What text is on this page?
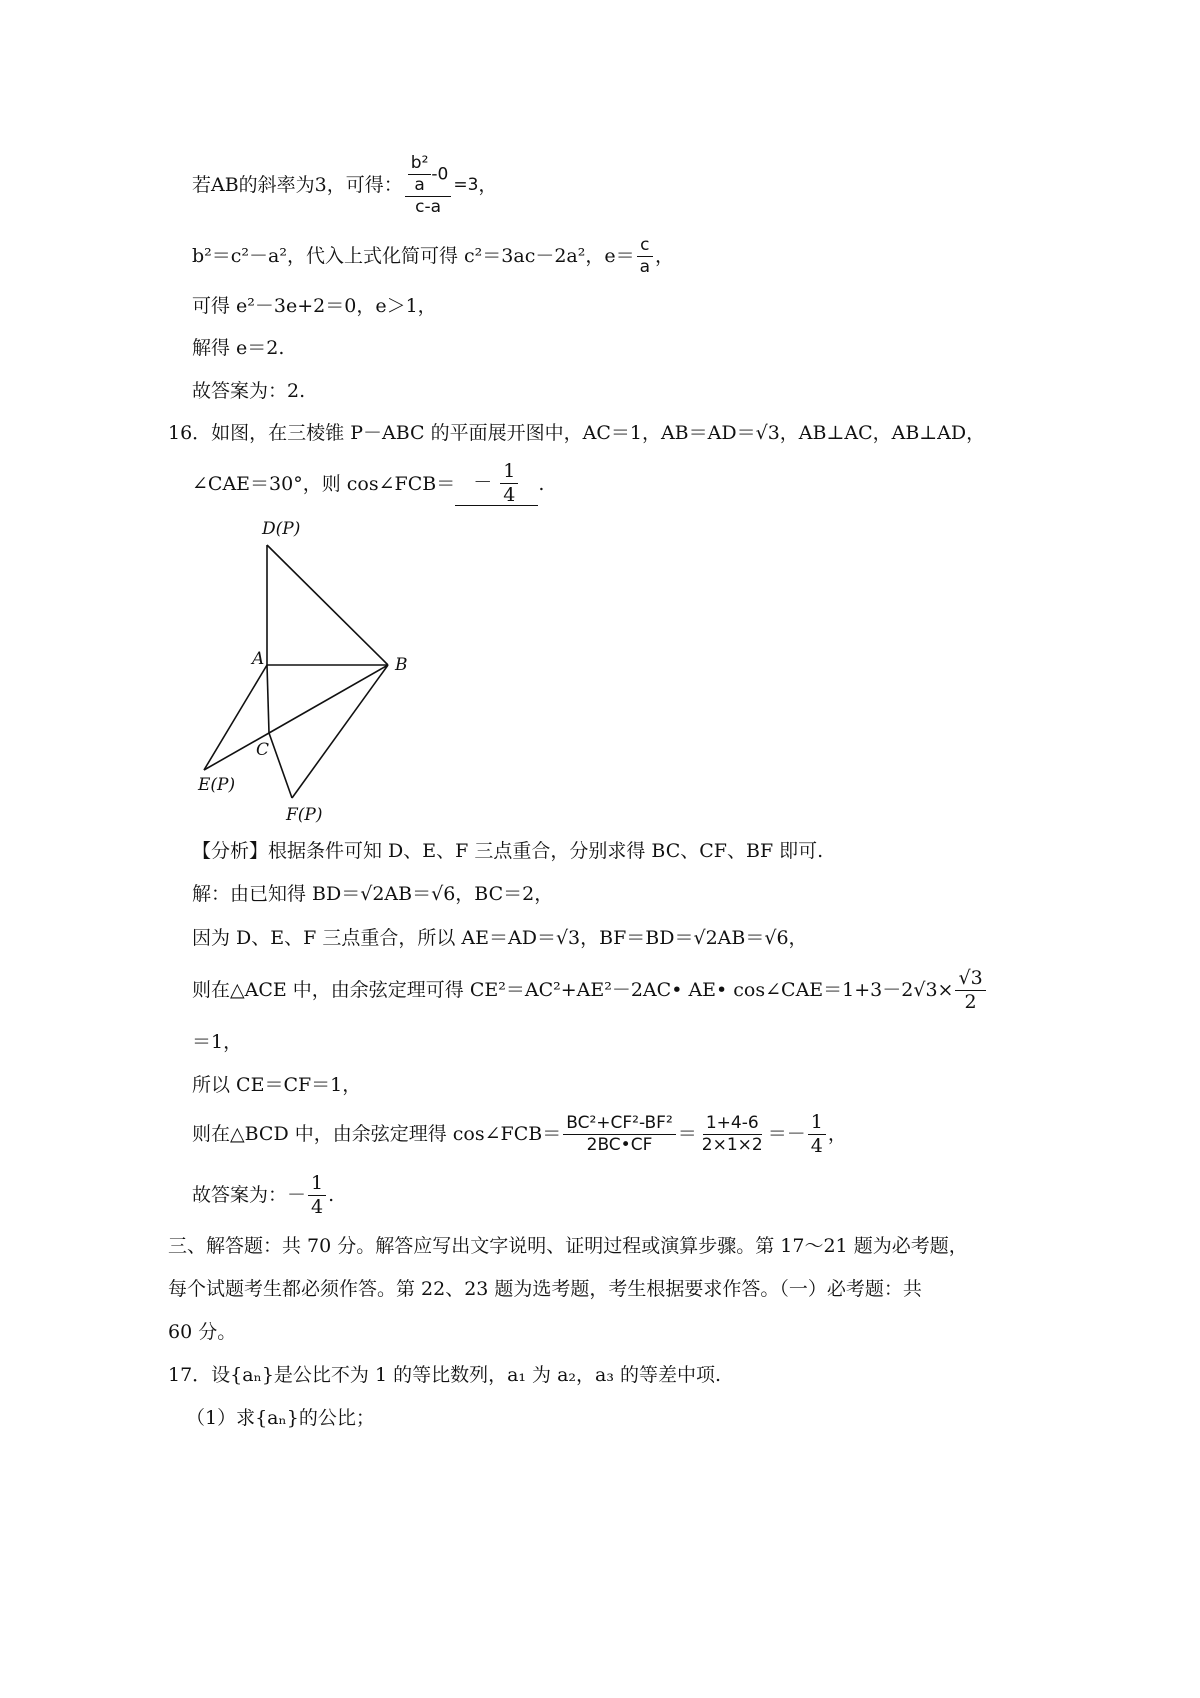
若AB的斜率为3，可得： $\frac{\frac{\text{b²}}{a} -0}{c-a} =3$ ，
b²＝c²－a²，代入上式化简可得 c²＝3ac－2a²，$e= \frac{c}{a}$ ，
可得 e²－3e+2＝0，e＞1，
解得 e＝2.
故答案为：2.
16．如图，在三棱锥 P－ABC 的平面展开图中，AC＝1，AB＝AD＝√3，AB⊥AC，AB⊥AD，
∠CAE＝30°，则 cos∠FCB＝ － $\frac{1}{4}$ .
D(P)
A	B
C
E(P)
F(P)
【分析】根据条件可知 D、E、F 三点重合，分别求得 BC、CF、BF 即可.
解：由已知得 BD＝√2AB＝√6，BC＝2，
因为 D、E、F 三点重合，所以 AE＝AD＝√3，BF＝BD＝√2AB＝√6，
则在△ACE 中，由余弦定理可得 CE²＝AC²+AE²－2AC• AE• cos∠CAE＝1+3－2√3× $\frac{√3}{2}$
＝1，
所以 CE＝CF＝1，
则在△BCD 中，由余弦定理得 cos∠FCB＝ $\frac{\text{BC²+CF²-BF²}}{2BC•CF} = \frac{1+4-6}{2\times 1\times 2} =- \frac{1}{4}$ ，
故答案为：－ $\frac{1}{4}$ .
三、解答题：共 70 分。解答应写出文字说明、证明过程或演算步骤。第 17～21 题为必考题，
每个试题考生都必须作答。第 22、23 题为选考题，考生根据要求作答。（一）必考题：共
60 分。
17．设{aₙ}是公比不为 1 的等比数列，a₁ 为 a₂，a₃ 的等差中项.
（1）求{aₙ}的公比；
